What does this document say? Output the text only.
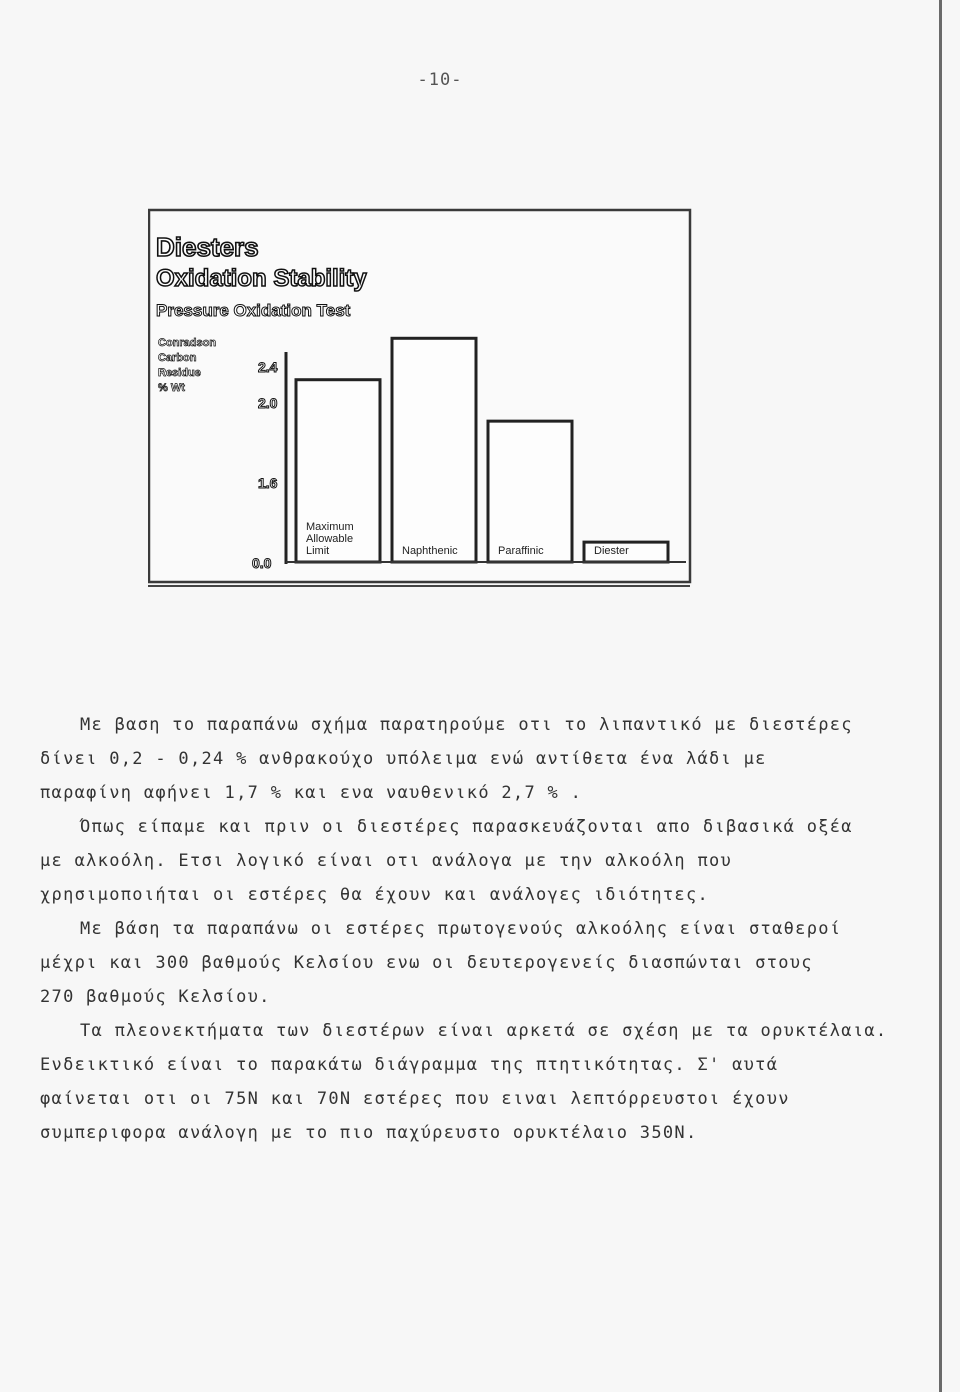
-10-
Diesters
Oxidation Stability
Pressure Oxidation Test
Conradson
Carbon
Residue
% Wt
2.4
2.0
1.6
0.0
Maximum
Allowable
Limit	Naphthenic	Paraffinic	Diester

Με βαση το παραπάνω σχήμα παρατηρούμε οτι το λιπαντικό με διεστέρες
δίνει 0,2 - 0,24 % ανθρακούχο υπόλειμα ενώ αντίθετα ένα λάδι με
παραφίνη αφήνει 1,7 % και ενα ναυθενικό 2,7 % .

Όπως είπαμε και πριν οι διεστέρες παρασκευάζονται απο διβασικά οξέα
με αλκοόλη. Ετσι λογικό είναι οτι ανάλογα με την αλκοόλη που
χρησιμοποιήται οι εστέρες θα έχουν και ανάλογες ιδιότητες.

Με βάση τα παραπάνω οι εστέρες πρωτογενούς αλκοόλης είναι σταθεροί
μέχρι και 300 βαθμούς Κελσίου ενω οι δευτερογενείς διασπώνται στους
270 βαθμούς Κελσίου.

Τα πλεονεκτήματα των διεστέρων είναι αρκετά σε σχέση με τα ορυκτέλαια.
Ενδεικτικό είναι το παρακάτω διάγραμμα της πτητικότητας. Σ' αυτά
φαίνεται οτι οι 75Ν και 70Ν εστέρες που ειναι λεπτόρρευστοι έχουν
συμπεριφορα ανάλογη με το πιο παχύρευστο ορυκτέλαιο 350Ν.
